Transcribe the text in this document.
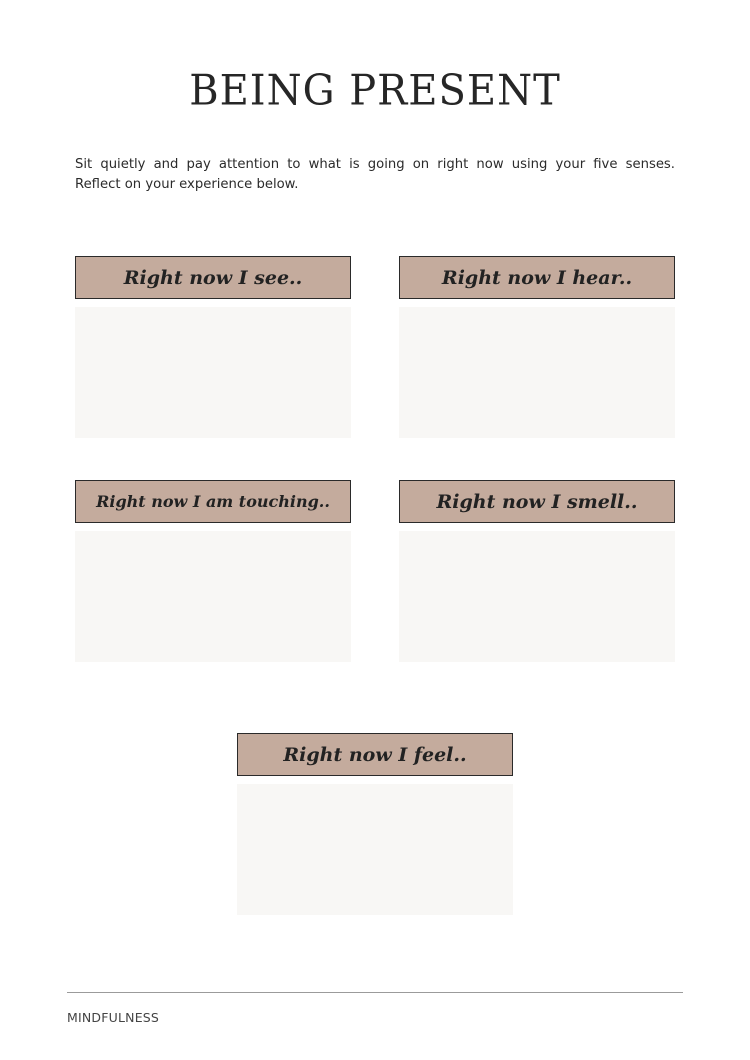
BEING PRESENT

Sit quietly and pay attention to what is going on right now using your five senses.
Reflect on your experience below.

Right now I see..	Right now I hear..
Right now I am touching..	Right now I smell..
Right now I feel..
MINDFULNESS
